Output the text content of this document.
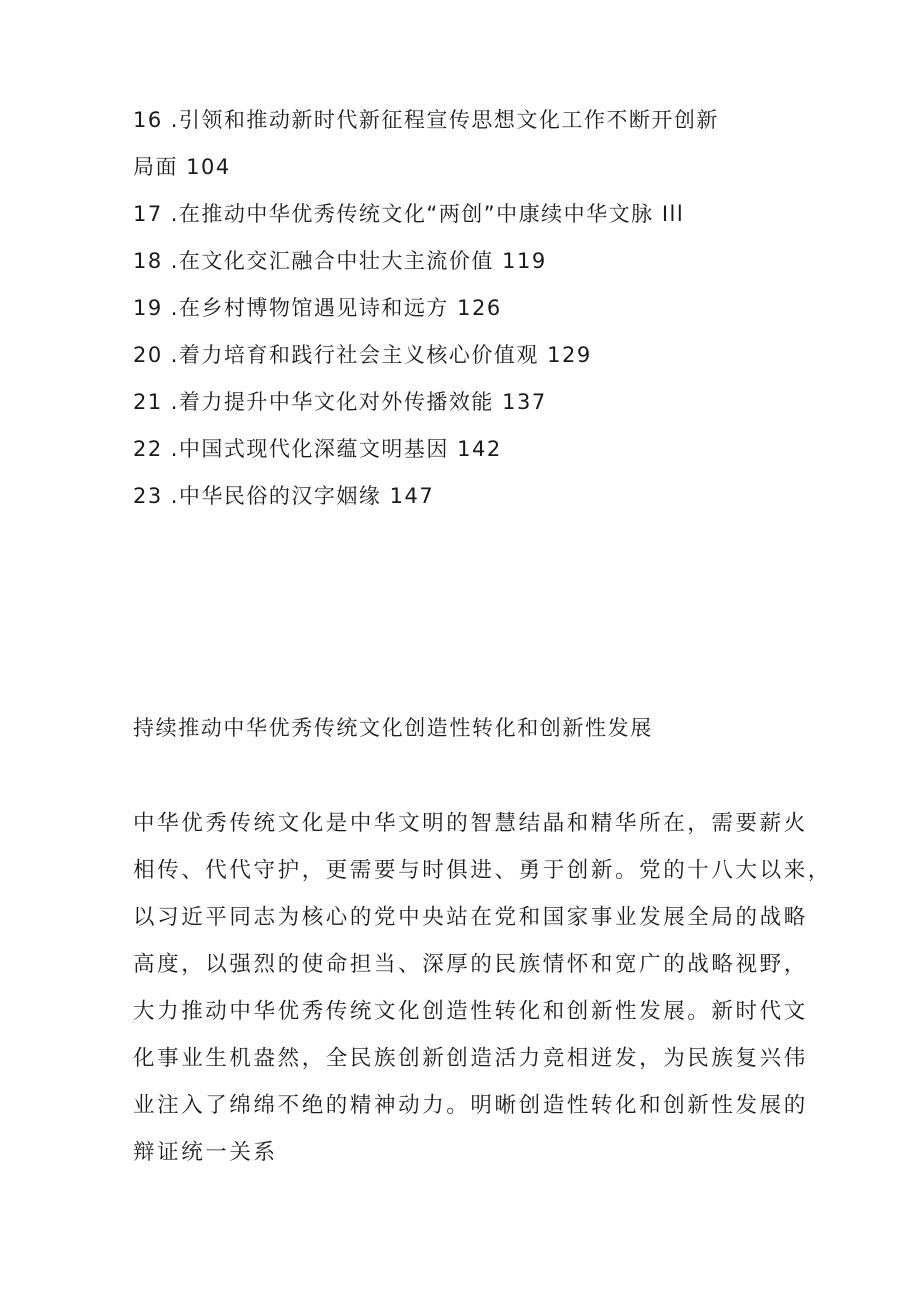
16 .引领和推动新时代新征程宣传思想文化工作不断开创新
局面 104
17 .在推动中华优秀传统文化“两创”中康续中华文脉 Ill
18 .在文化交汇融合中壮大主流价值 119
19 .在乡村博物馆遇见诗和远方 126
20 .着力培育和践行社会主义核心价值观 129
21 .着力提升中华文化对外传播效能 137
22 .中国式现代化深蕴文明基因 142
23 .中华民俗的汉字姻缘 147
持续推动中华优秀传统文化创造性转化和创新性发展
中华优秀传统文化是中华文明的智慧结晶和精华所在，需要薪火
相传、代代守护，更需要与时俱进、勇于创新。党的十八大以来，
以习近平同志为核心的党中央站在党和国家事业发展全局的战略
高度，以强烈的使命担当、深厚的民族情怀和宽广的战略视野，
大力推动中华优秀传统文化创造性转化和创新性发展。新时代文
化事业生机盎然，全民族创新创造活力竞相迸发，为民族复兴伟
业注入了绵绵不绝的精神动力。明晰创造性转化和创新性发展的
辩证统一关系
